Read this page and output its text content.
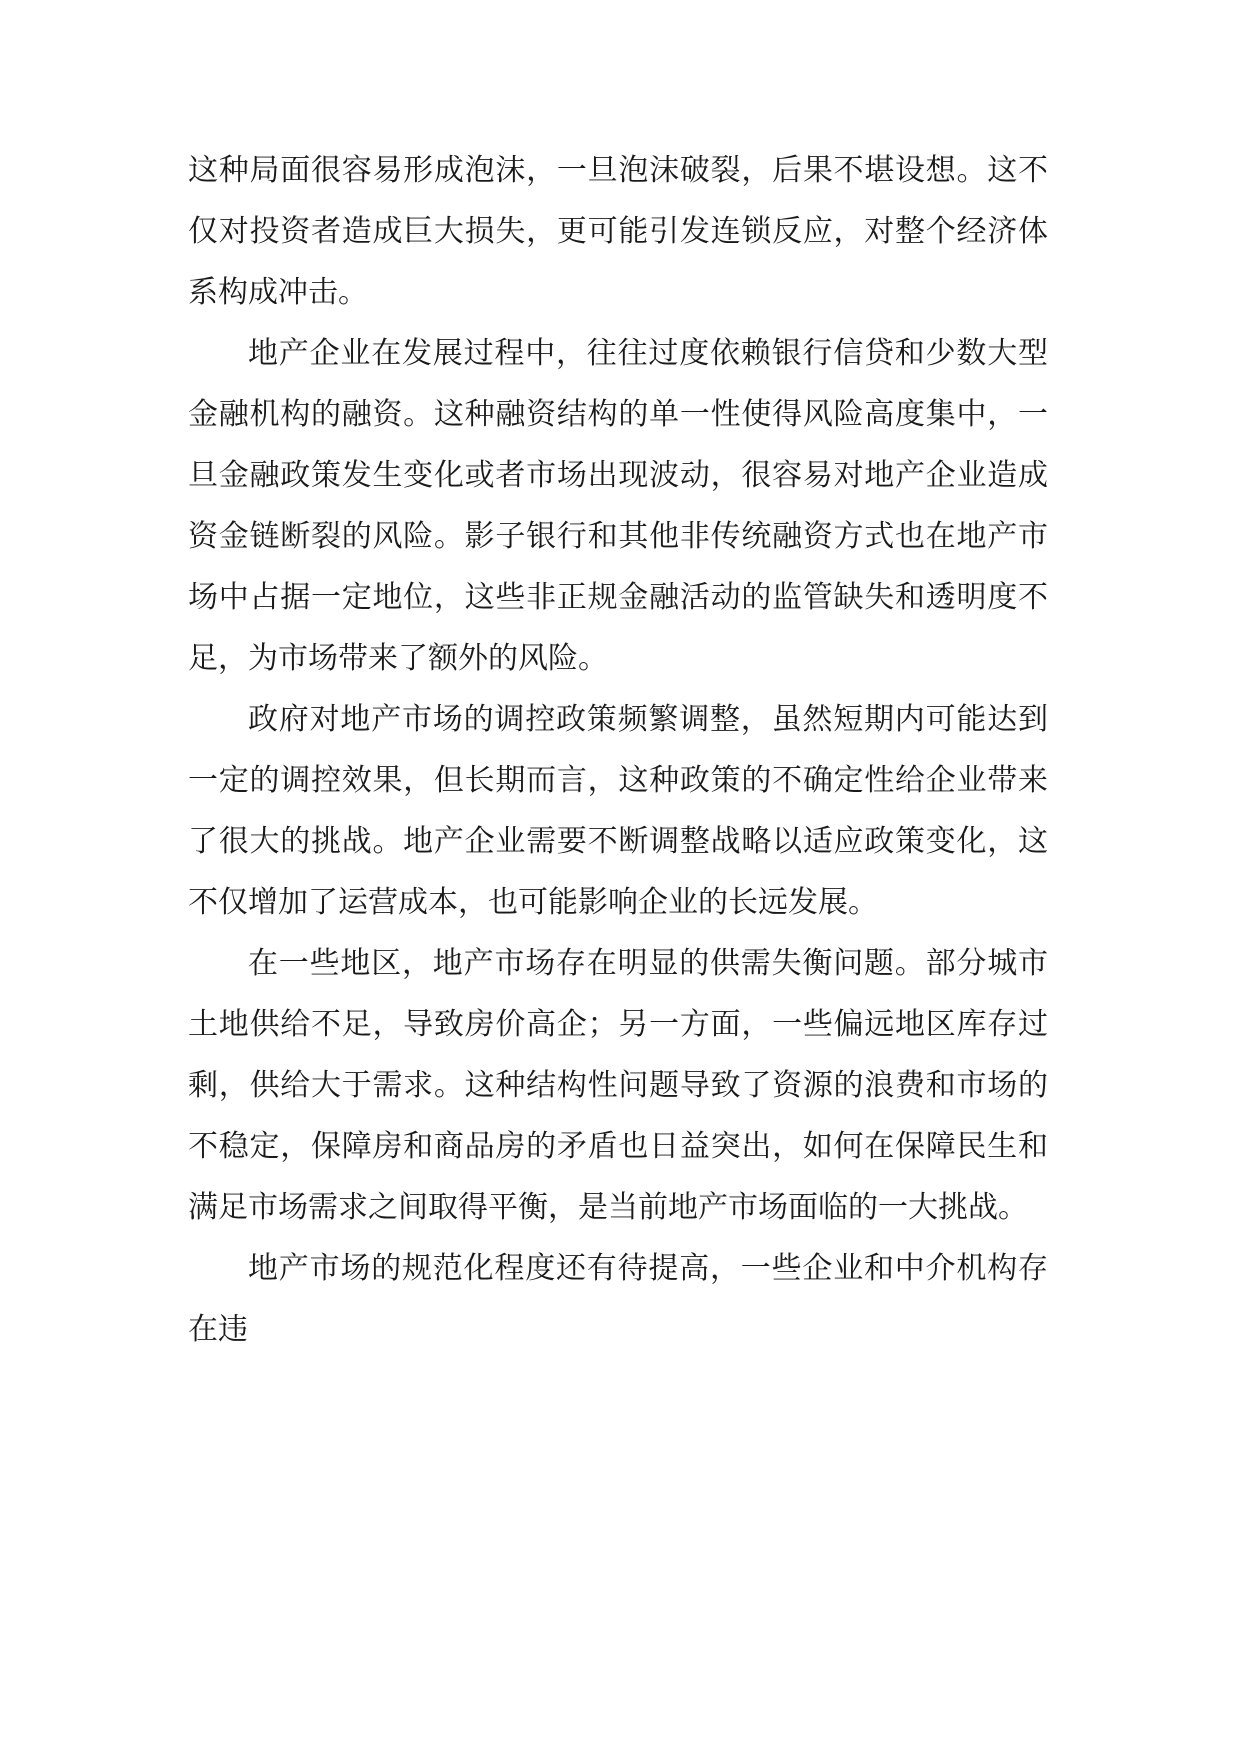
这种局面很容易形成泡沫，一旦泡沫破裂，后果不堪设想。这不仅对投资者造成巨大损失，更可能引发连锁反应，对整个经济体系构成冲击。

地产企业在发展过程中，往往过度依赖银行信贷和少数大型金融机构的融资。这种融资结构的单一性使得风险高度集中，一旦金融政策发生变化或者市场出现波动，很容易对地产企业造成资金链断裂的风险。影子银行和其他非传统融资方式也在地产市场中占据一定地位，这些非正规金融活动的监管缺失和透明度不足，为市场带来了额外的风险。

政府对地产市场的调控政策频繁调整，虽然短期内可能达到一定的调控效果，但长期而言，这种政策的不确定性给企业带来了很大的挑战。地产企业需要不断调整战略以适应政策变化，这不仅增加了运营成本，也可能影响企业的长远发展。

在一些地区，地产市场存在明显的供需失衡问题。部分城市土地供给不足，导致房价高企；另一方面，一些偏远地区库存过剩，供给大于需求。这种结构性问题导致了资源的浪费和市场的不稳定，保障房和商品房的矛盾也日益突出，如何在保障民生和满足市场需求之间取得平衡，是当前地产市场面临的一大挑战。

地产市场的规范化程度还有待提高，一些企业和中介机构存在违
